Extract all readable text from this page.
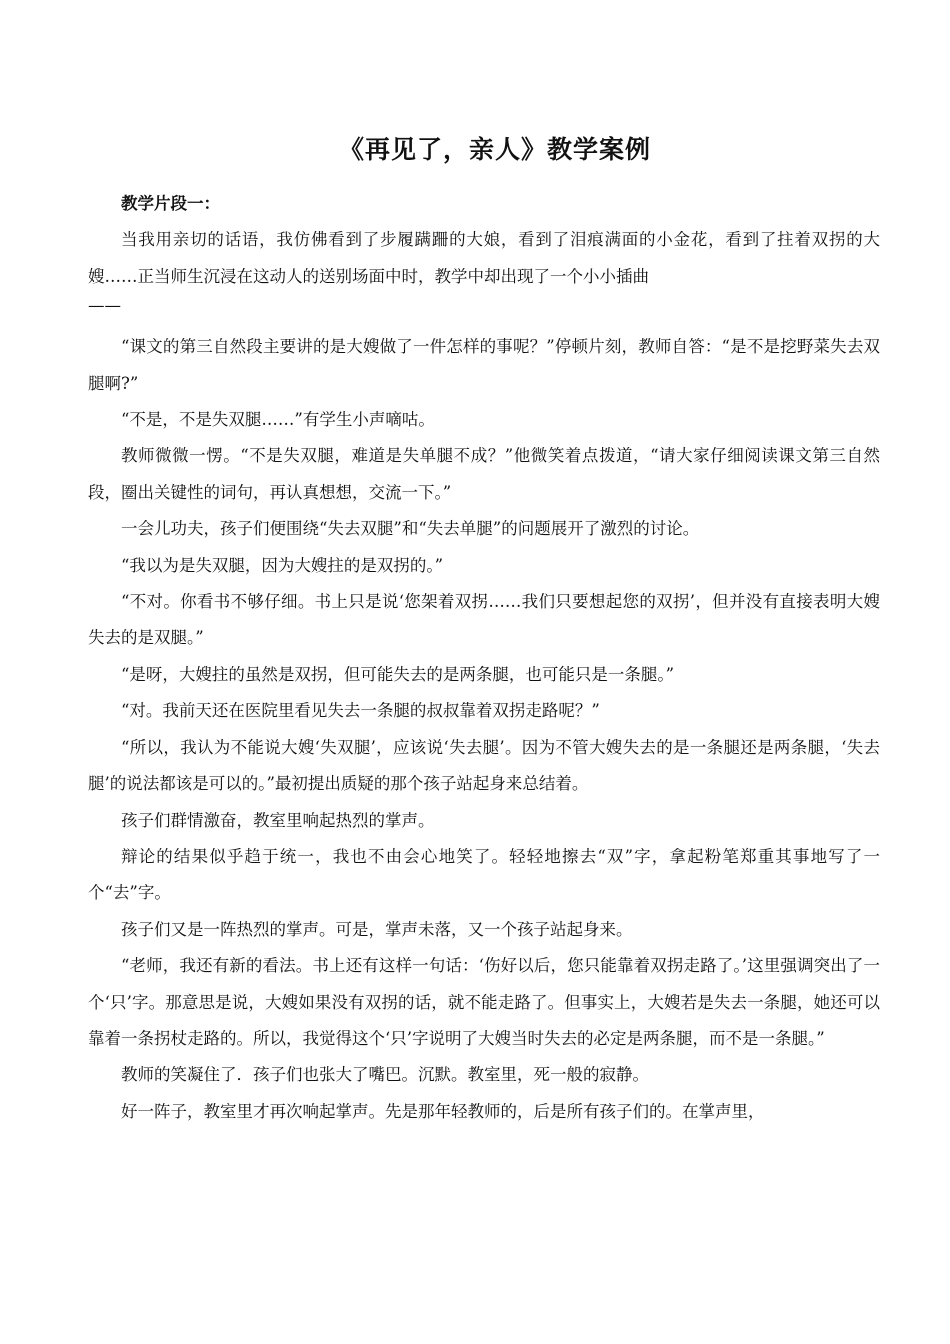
《再见了，亲人》教学案例

教学片段一：

当我用亲切的话语，我仿佛看到了步履蹒跚的大娘，看到了泪痕满面的小金花，看到了拄着双拐的大嫂……正当师生沉浸在这动人的送别场面中时，教学中却出现了一个小小插曲

——

“课文的第三自然段主要讲的是大嫂做了一件怎样的事呢？”停顿片刻，教师自答：“是不是挖野菜失去双腿啊?”

“不是，不是失双腿……”有学生小声嘀咕。

教师微微一愣。“不是失双腿，难道是失单腿不成？”他微笑着点拨道，“请大家仔细阅读课文第三自然段，圈出关键性的词句，再认真想想，交流一下。”

一会儿功夫，孩子们便围绕“失去双腿”和“失去单腿”的问题展开了激烈的讨论。

“我以为是失双腿，因为大嫂拄的是双拐的。”

“不对。你看书不够仔细。书上只是说‘您架着双拐……我们只要想起您的双拐’，但并没有直接表明大嫂失去的是双腿。”

“是呀，大嫂拄的虽然是双拐，但可能失去的是两条腿，也可能只是一条腿。”

“对。我前天还在医院里看见失去一条腿的叔叔靠着双拐走路呢？”

“所以，我认为不能说大嫂‘失双腿’，应该说‘失去腿’。因为不管大嫂失去的是一条腿还是两条腿，‘失去腿’的说法都该是可以的。”最初提出质疑的那个孩子站起身来总结着。

孩子们群情激奋，教室里响起热烈的掌声。

辩论的结果似乎趋于统一，我也不由会心地笑了。轻轻地擦去“双”字，拿起粉笔郑重其事地写了一个“去”字。

孩子们又是一阵热烈的掌声。可是，掌声未落，又一个孩子站起身来。

“老师，我还有新的看法。书上还有这样一句话：‘伤好以后，您只能靠着双拐走路了。’这里强调突出了一个‘只’字。那意思是说，大嫂如果没有双拐的话，就不能走路了。但事实上，大嫂若是失去一条腿，她还可以靠着一条拐杖走路的。所以，我觉得这个‘只’字说明了大嫂当时失去的必定是两条腿，而不是一条腿。”

教师的笑凝住了．孩子们也张大了嘴巴。沉默。教室里，死一般的寂静。

好一阵子，教室里才再次响起掌声。先是那年轻教师的，后是所有孩子们的。在掌声里，
